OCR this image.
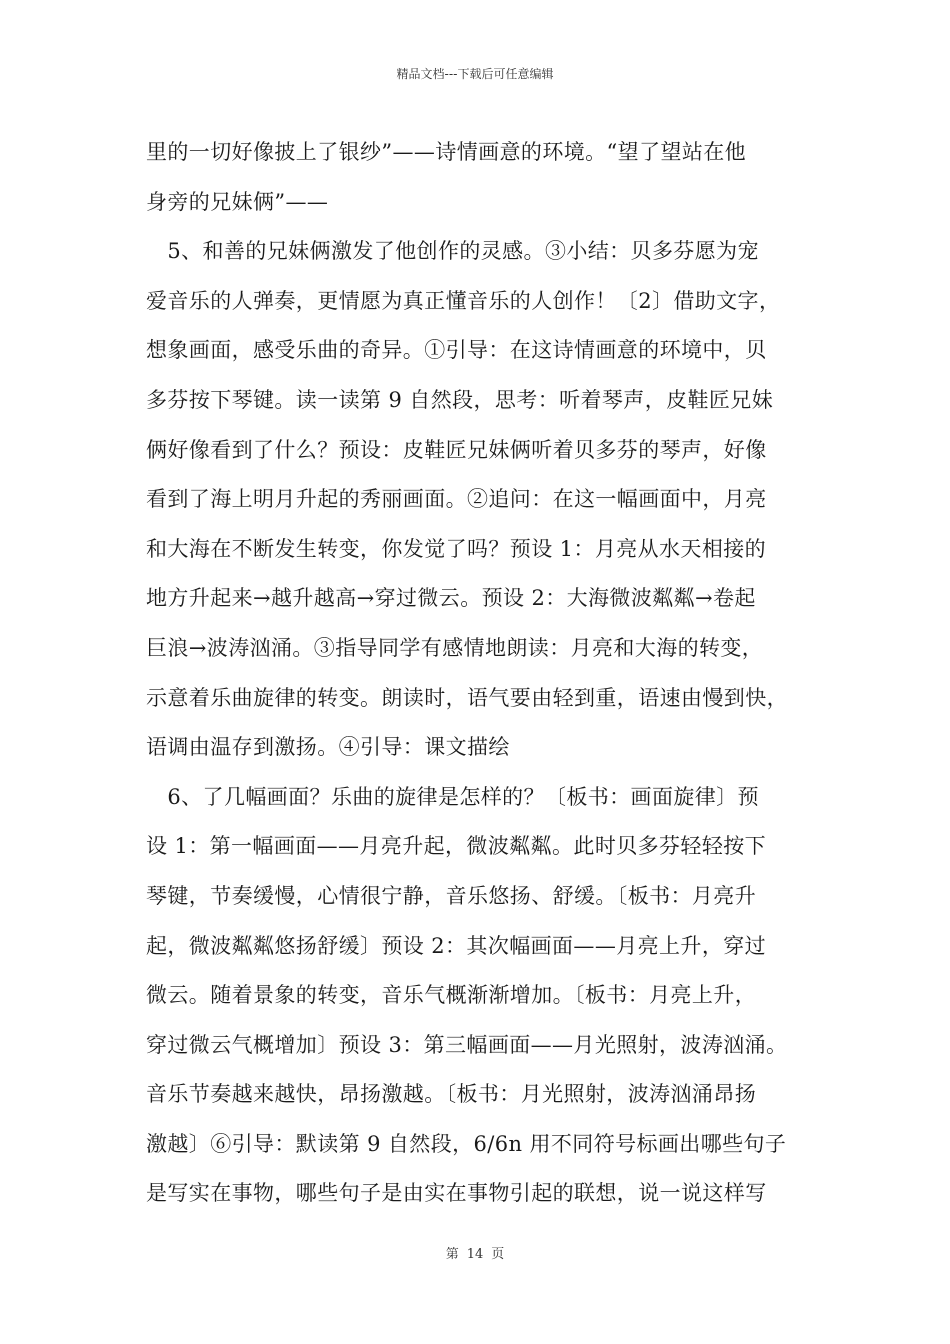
精品文档---下载后可任意编辑
里的一切好像披上了银纱”——诗情画意的环境。“望了望站在他
身旁的兄妹俩”——
　5、和善的兄妹俩激发了他创作的灵感。③小结：贝多芬愿为宠
爱音乐的人弹奏，更情愿为真正懂音乐的人创作！〔2〕借助文字，
想象画面，感受乐曲的奇异。①引导：在这诗情画意的环境中，贝
多芬按下琴键。读一读第 9 自然段，思考：听着琴声，皮鞋匠兄妹
俩好像看到了什么？预设：皮鞋匠兄妹俩听着贝多芬的琴声，好像
看到了海上明月升起的秀丽画面。②追问：在这一幅画面中，月亮
和大海在不断发生转变，你发觉了吗？预设 1：月亮从水天相接的
地方升起来→越升越高→穿过微云。预设 2：大海微波粼粼→卷起
巨浪→波涛汹涌。③指导同学有感情地朗读：月亮和大海的转变，
示意着乐曲旋律的转变。朗读时，语气要由轻到重，语速由慢到快，
语调由温存到激扬。④引导：课文描绘
　6、了几幅画面？乐曲的旋律是怎样的？〔板书：画面旋律〕预
设 1：第一幅画面——月亮升起，微波粼粼。此时贝多芬轻轻按下
琴键，节奏缓慢，心情很宁静，音乐悠扬、舒缓。〔板书：月亮升
起，微波粼粼悠扬舒缓〕预设 2：其次幅画面——月亮上升，穿过
微云。随着景象的转变，音乐气概渐渐增加。〔板书：月亮上升，
穿过微云气概增加〕预设 3：第三幅画面——月光照射，波涛汹涌。
音乐节奏越来越快，昂扬激越。〔板书：月光照射，波涛汹涌昂扬
激越〕⑥引导：默读第 9 自然段，6/6n 用不同符号标画出哪些句子
是写实在事物，哪些句子是由实在事物引起的联想，说一说这样写
第 14 页
